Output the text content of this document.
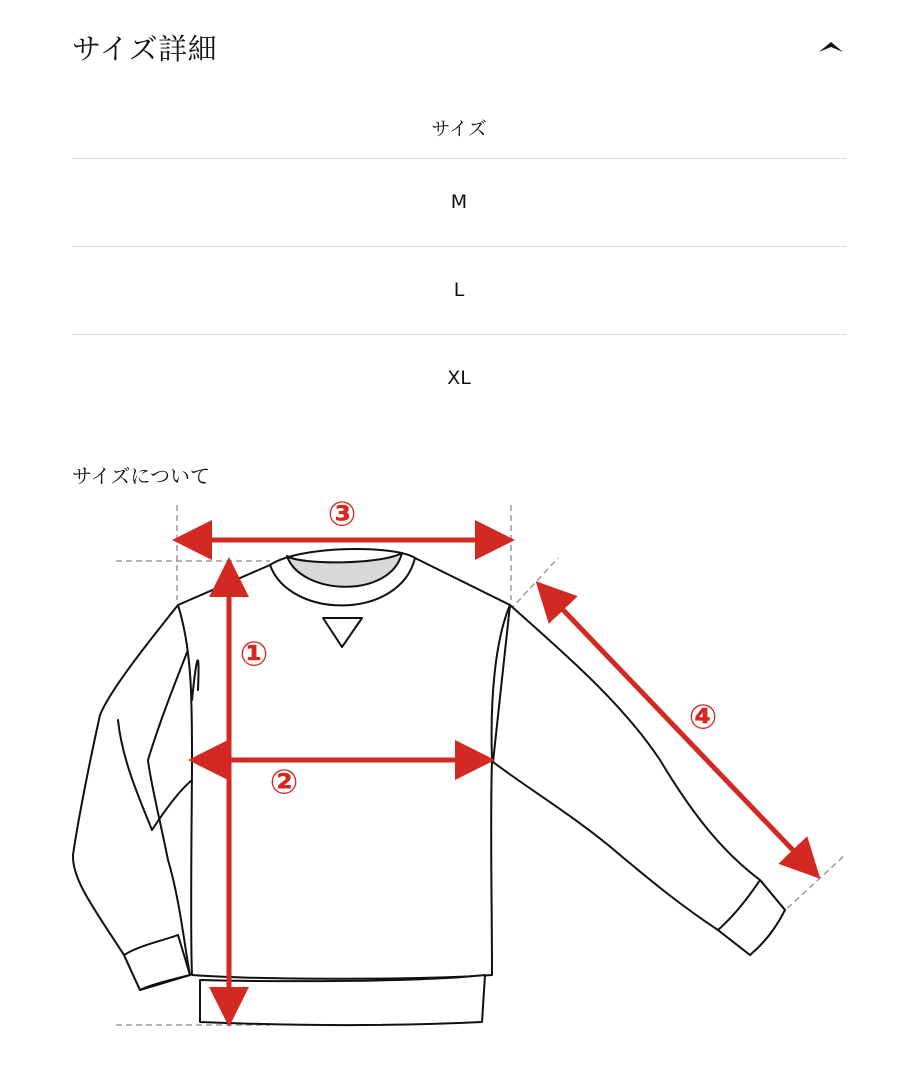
サイズ詳細
サイズ
M
L
XL
サイズについて
①
②
③
④
